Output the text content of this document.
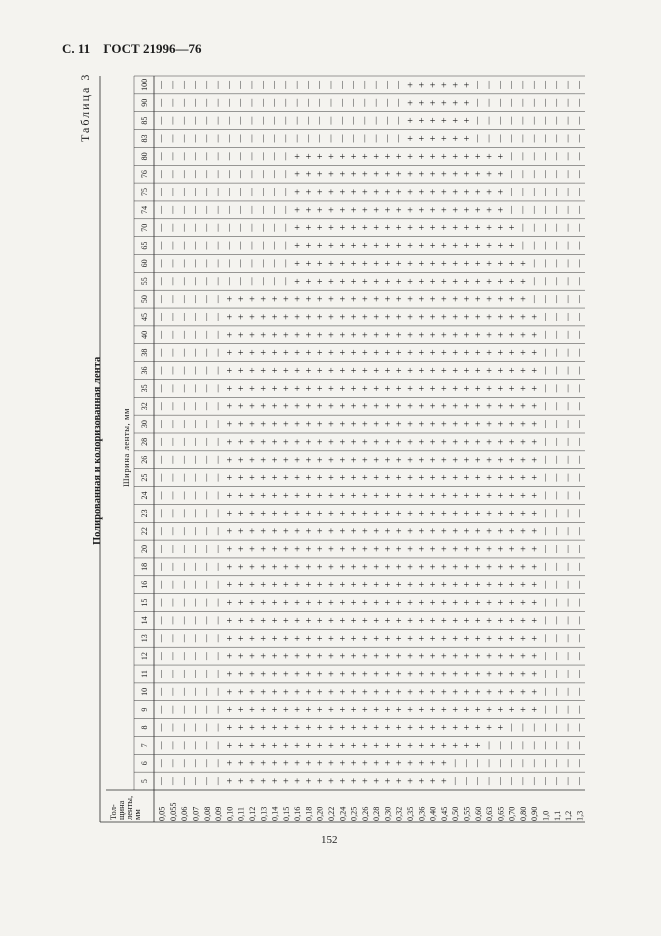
С. 11 ГОСТ 21996—76
Таблица 3
Полированная и колоризованная лента Ширина ленты, мм
Тол-
щина
ленты,
мм
5
6
7
8
9
10
11
12
13
14
15
16
18
20
22
23
24
25
26
28
30
32
35
36
38
40
45
50
55
60
65
70
74
75
76
80
83
85
90
100
0,05 0,055 0,06 0,07 0,08 0,09 0,10 0,11 0,12 0,13 0,14 0,15 0,16 0,18 0,20 0,22 0,24 0,25 0,26 0,28 0,30 0,32 0,35 0,36 0,40 0,45 0,50 0,55 0,60 0,63 0,65 0,70 0,80 0,90 1,0 1,1 1,2 1,3
+ + + + + + + + + + + + + + + + + + + +
+ + + + + + + + + + + + + + + + + + + +
+ + + + + + + + + + + + + + + + + + + + + + +
+ + + + + + + + + + + + + + + + + + + + + + + + +
+ + + + + + + + + + + + + + + + + + + + + + + + + + + +
+ + + + + + + + + + + + + + + + + + + + + + + + + + + +
+ + + + + + + + + + + + + + + + + + + + + + + + + + + +
+ + + + + + + + + + + + + + + + + + + + + + + + + + + +
+ + + + + + + + + + + + + + + + + + + + + + + + + + + +
+ + + + + + + + + + + + + + + + + + + + + + + + + + + +
+ + + + + + + + + + + + + + + + + + + + + + + + + + + +
+ + + + + + + + + + + + + + + + + + + + + + + + + + + +
+ + + + + + + + + + + + + + + + + + + + + + + + + + + +
+ + + + + + + + + + + + + + + + + + + + + + + + + + + +
+ + + + + + + + + + + + + + + + + + + + + + + + + + + +
+ + + + + + + + + + + + + + + + + + + + + + + + + + + +
+ + + + + + + + + + + + + + + + + + + + + + + + + + + +
+ + + + + + + + + + + + + + + + + + + + + + + + + + + +
+ + + + + + + + + + + + + + + + + + + + + + + + + + + +
+ + + + + + + + + + + + + + + + + + + + + + + + + + + +
+ + + + + + + + + + + + + + + + + + + + + + + + + + + +
+ + + + + + + + + + + + + + + + + + + + + + + + + + + +
+ + + + + + + + + + + + + + + + + + + + + + + + + + + +
+ + + + + + + + + + + + + + + + + + + + + + + + + + + +
+ + + + + + + + + + + + + + + + + + + + + + + + + + + +
+ + + + + + + + + + + + + + + + + + + + + + + + + + + +
+ + + + + + + + + + + + + + + + + + + + + + + + + + + +
+ + + + + + + + + + + + + + + + + + + + + + + + + + +
+ + + + + + + + + + + + + + + + + + + + +
+ + + + + + + + + + + + + + + + + + + + +
+ + + + + + + + + + + + + + + + + + + +
+ + + + + + + + + + + + + + + + + + + +
+ + + + + + + + + + + + + + + + + + +
+ + + + + + + + + + + + + + + + + + +
+ + + + + + + + + + + + + + + + + + +
+ + + + + + + + + + + + + + + + + + +
+ + + + + +
+ + + + + +
+ + + + + +
+ + + + + +
152
